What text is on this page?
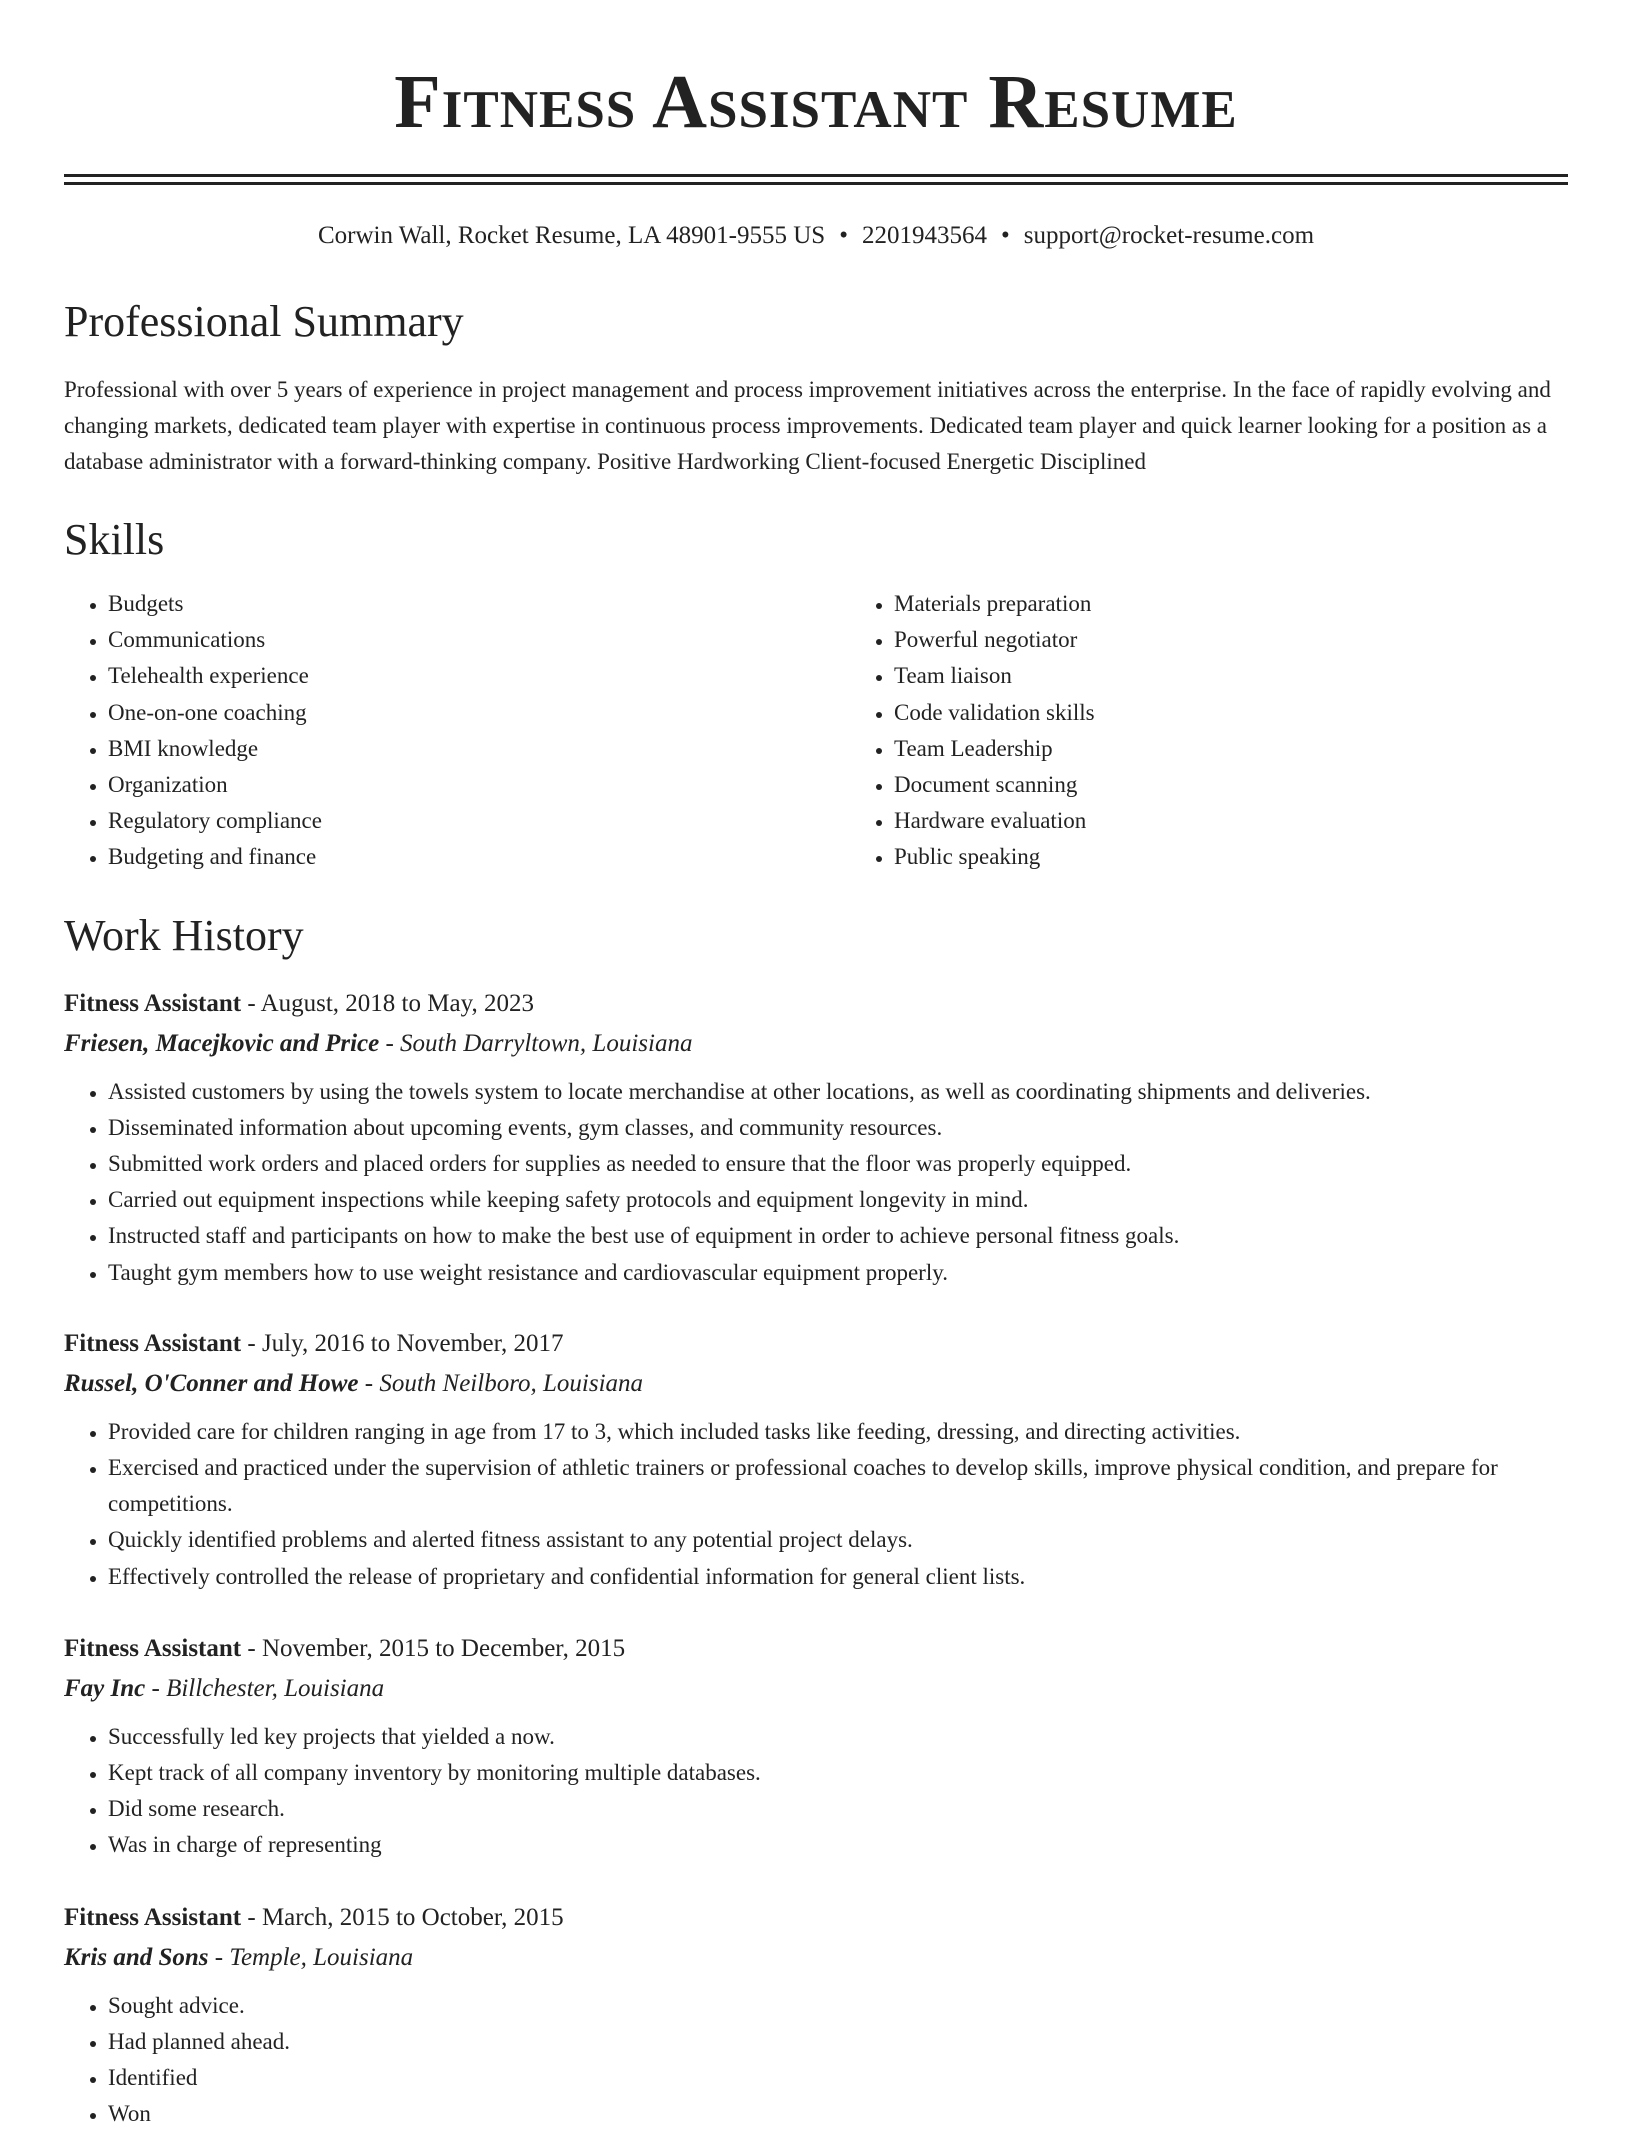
Fitness Assistant Resume
Corwin Wall, Rocket Resume, LA 48901-9555 US • 2201943564 • support@rocket-resume.com
Professional Summary
Professional with over 5 years of experience in project management and process improvement initiatives across the enterprise. In the face of rapidly evolving and changing markets, dedicated team player with expertise in continuous process improvements. Dedicated team player and quick learner looking for a position as a database administrator with a forward-thinking company. Positive Hardworking Client-focused Energetic Disciplined
Skills
• Budgets
• Communications
• Telehealth experience
• One-on-one coaching
• BMI knowledge
• Organization
• Regulatory compliance
• Budgeting and finance
• Materials preparation
• Powerful negotiator
• Team liaison
• Code validation skills
• Team Leadership
• Document scanning
• Hardware evaluation
• Public speaking
Work History
Fitness Assistant - August, 2018 to May, 2023
Friesen, Macejkovic and Price - South Darryltown, Louisiana
• Assisted customers by using the towels system to locate merchandise at other locations, as well as coordinating shipments and deliveries.
• Disseminated information about upcoming events, gym classes, and community resources.
• Submitted work orders and placed orders for supplies as needed to ensure that the floor was properly equipped.
• Carried out equipment inspections while keeping safety protocols and equipment longevity in mind.
• Instructed staff and participants on how to make the best use of equipment in order to achieve personal fitness goals.
• Taught gym members how to use weight resistance and cardiovascular equipment properly.
Fitness Assistant - July, 2016 to November, 2017
Russel, O'Conner and Howe - South Neilboro, Louisiana
• Provided care for children ranging in age from 17 to 3, which included tasks like feeding, dressing, and directing activities.
• Exercised and practiced under the supervision of athletic trainers or professional coaches to develop skills, improve physical condition, and prepare for competitions.
• Quickly identified problems and alerted fitness assistant to any potential project delays.
• Effectively controlled the release of proprietary and confidential information for general client lists.
Fitness Assistant - November, 2015 to December, 2015
Fay Inc - Billchester, Louisiana
• Successfully led key projects that yielded a now.
• Kept track of all company inventory by monitoring multiple databases.
• Did some research.
• Was in charge of representing
Fitness Assistant - March, 2015 to October, 2015
Kris and Sons - Temple, Louisiana
• Sought advice.
• Had planned ahead.
• Identified
• Won
